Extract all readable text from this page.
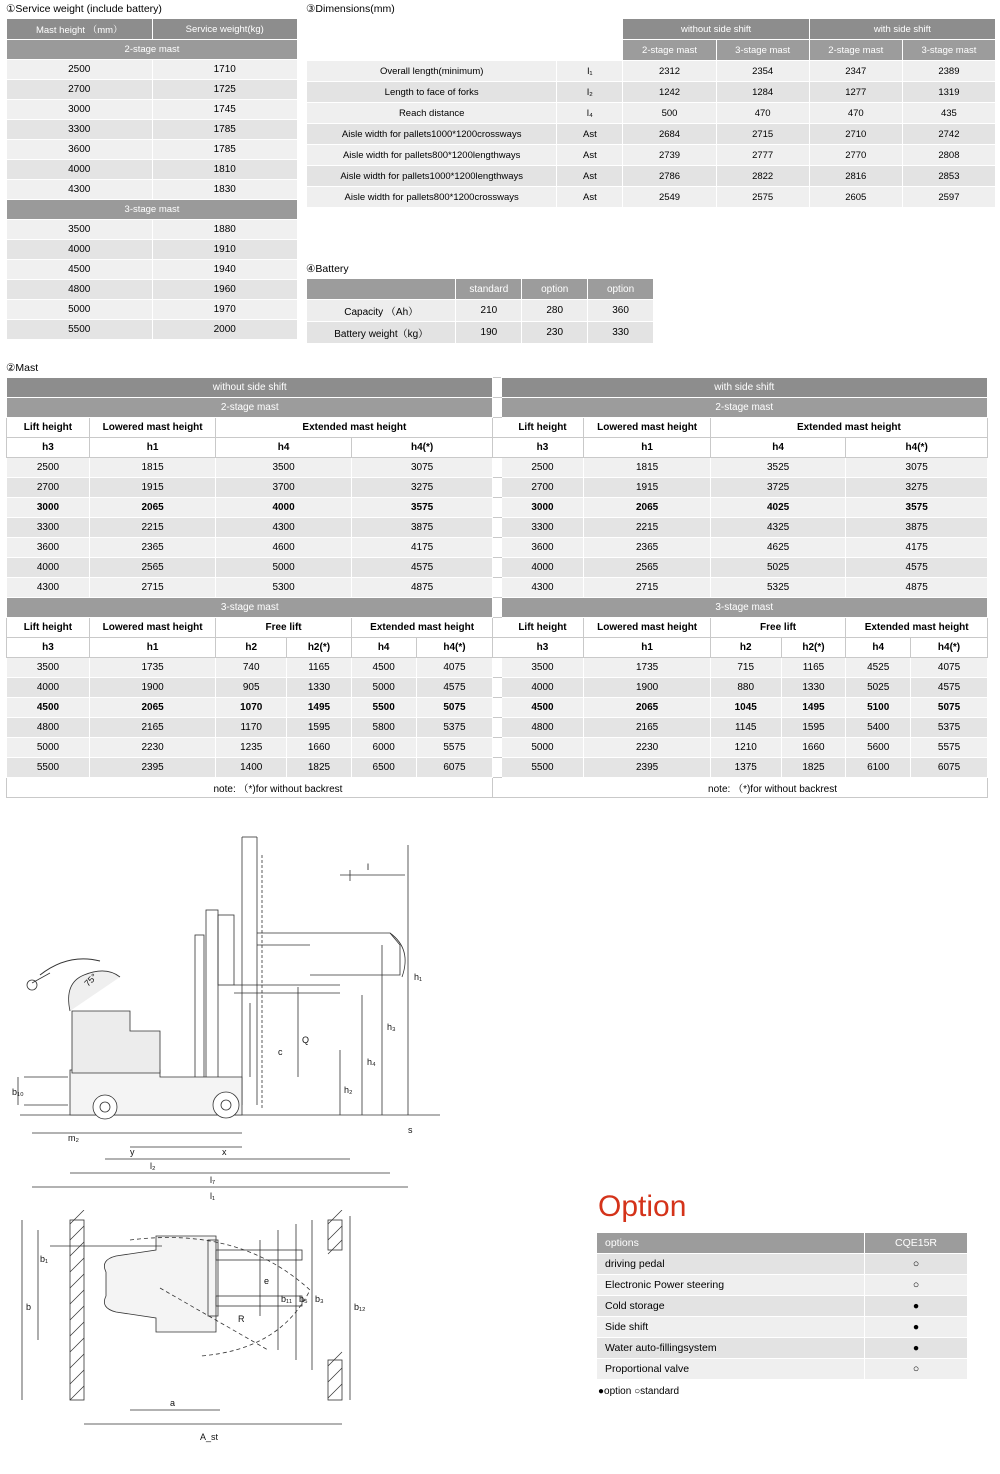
①Service weight (include battery)
Mast height （mm）	Service weight(kg)
2-stage mast	
2500	1710
2700	1725
3000	1745
3300	1785
3600	1785
4000	1810
4300	1830
3-stage mast	
3500	1880
4000	1910
4500	1940
4800	1960
5000	1970
5500	2000
③Dimensions(mm)
		without side shift		with side shift	
		2-stage mast	3-stage mast	2-stage mast	3-stage mast
Overall length(minimum)	l₁	2312	2354	2347	2389
Length to face of forks	l₂	1242	1284	1277	1319
Reach distance	l₄	500	470	470	435
Aisle width for pallets1000*1200crossways	Ast	2684	2715	2710	2742
Aisle width for pallets800*1200lengthways	Ast	2739	2777	2770	2808
Aisle width for pallets1000*1200lengthways	Ast	2786	2822	2816	2853
Aisle width for pallets800*1200crossways	Ast	2549	2575	2605	2597
④Battery
	standard	option	option
Capacity （Ah）	210	280	360
Battery weight（kg）	190	230	330
②Mast
without side shift							with side shift					
2-stage mast							2-stage mast					
Lift height	Lowered mast height	Extended mast height					Lift height	Lowered mast height	Extended mast height			
h3	h1	h4		h4(*)			h3	h1	h4		h4(*)	
2500	1815	3500		3075			2500	1815	3525		3075	
2700	1915	3700		3275			2700	1915	3725		3275	
3000	2065	4000		3575			3000	2065	4025		3575	
3300	2215	4300		3875			3300	2215	4325		3875	
3600	2365	4600		4175			3600	2365	4625		4175	
4000	2565	5000		4575			4000	2565	5025		4575	
4300	2715	5300		4875			4300	2715	5325		4875	
3-stage mast							3-stage mast					
Lift height	Lowered mast height	Free lift		Extended mast height			Lift height	Lowered mast height	Free lift		Extended mast height	
h3	h1	h2	h2(*)	h4	h4(*)		h3	h1	h2	h2(*)	h4	h4(*)
3500	1735	740	1165	4500	4075		3500	1735	715	1165	4525	4075
4000	1900	905	1330	5000	4575		4000	1900	880	1330	5025	4575
4500	2065	1070	1495	5500	5075		4500	2065	1045	1495	5100	5075
4800	2165	1170	1595	5800	5375		4800	2165	1145	1595	5400	5375
5000	2230	1235	1660	6000	5575		5000	2230	1210	1660	5600	5575
5500	2395	1400	1825	6500	6075		5500	2395	1375	1825	6100	6075
note: （*)for without backrest							note: （*)for without backrest					
l
h₁
h₃
h₄
h₂
Q
c
s
b₁₀
m₂
y	x
l₂
l₇
l₁
75°
b₁
b
e
b₁₁ b₅ b₃
b₁₂
R
a
A_st
Option
options	CQE15R
driving pedal	○
Electronic Power steering	○
Cold storage	●
Side shift	●
Water auto-fillingsystem	●
Proportional valve	○
●option ○standard
